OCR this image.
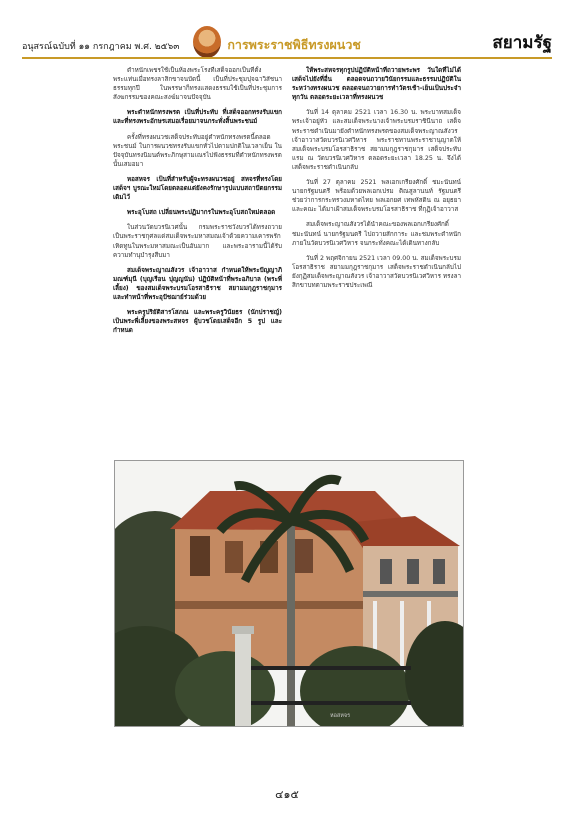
อนุสรณ์ฉบับที่ ๑๑ กรกฎาคม พ.ศ. ๒๕๖๓	การพระราชพิธีทรงผนวช	สยามรัฐ

ตำหนักเพชรใช้เป็นห้องพระโรงที่เสด็จออกเป็นที่ตั้งพระแท่นเมื่อทรงลาสิกขาจนบัดนี้ เป็นที่ประชุมปุจฉาวิสัชนาธรรมทุกปี ในพรรษาก็ทรงแสดงธรรมใช้เป็นที่ประชุมการสังฆกรรมของคณะสงฆ์มาจนปัจจุบัน

พระตำหนักทรงพรต เป็นที่ประทับ ที่เสด็จออกทรงรับแขก และที่ทรงพระอักษรเสมอเรื่อยมาจนกระทั่งสิ้นพระชนม์

ครั้งที่ทรงผนวชเสด็จประทับอยู่ตำหนักทรงพรตนี้ตลอดพระชนม์ ในการผนวชทรงรับแขกทั่วไปตามปกติในเวลาเย็น ในปัจจุบันทรงนิมนต์พระภิกษุสามเณรไปฟังธรรมที่ตำหนักทรงพรตนั้นเสมอมา

หอสหจร เป็นที่สำหรับผู้จะทรงผนวชอยู่ สหจรที่ทรงโดยเสด็จฯ บูรณะใหม่โดยตลอดแต่ยังคงรักษารูปแบบสถาปัตยกรรมเดิมไว้

พระอุโบสถ เปลี่ยนพระปฏิมากรในพระอุโบสถใหม่ตลอด

ในส่วนวัดบวรนิเวศนั้น กรมพระราชวังบวรได้ทรงถวายเป็นพระราชกุศลแด่สมเด็จพระมหาสมณเจ้าด้วยความเคารพรักเทิดทูนในพระมหาสมณะเป็นอันมาก และพระอารามนี้ได้รับความทำนุบำรุงสืบมา

สมเด็จพระญาณสังวร เจ้าอาวาส กำหนดให้พระปัญญาภิมณฑ์มุนี (บุญเรือน ปุญญนัน) ปฏิบัติหน้าที่พระอภิบาล (พระพี่เลี้ยง) ของสมเด็จพระบรมโอรสาธิราช สยามมกุฎราชกุมาร และทำหน้าที่พระอุปัชฌาย์ร่วมด้วย

พระครูปริยัติสารโสภณ และพระครูวินัยธร (นักปราชญ์) เป็นพระพี่เลี้ยงของพระสหจร ผู้บวชโดยเสด็จอีก 5 รูป และกำหนด

ให้พระสหจรทุกรูปปฏิบัติหน้าที่ถวายพระพร วันใดที่ไม่ได้เสด็จไปยังที่อื่น ตลอดจนถวายวินัยกรรมและธรรมปฏิบัติในระหว่างทรงผนวช ตลอดจนถวายการทำวัตรเช้า-เย็นเป็นประจำทุกวัน ตลอดระยะเวลาที่ทรงผนวช

วันที่ 14 ตุลาคม 2521 เวลา 16.30 น. พระบาทสมเด็จพระเจ้าอยู่หัว และสมเด็จพระนางเจ้าพระบรมราชินีนาถ เสด็จพระราชดำเนินมายังตำหนักทรงพรตของสมเด็จพระญาณสังวร เจ้าอาวาสวัดบวรนิเวศวิหาร พระราชทานพระราชานุญาตให้สมเด็จพระบรมโอรสาธิราช สยามมกุฎราชกุมาร เสด็จประทับแรม ณ วัดบวรนิเวศวิหาร ตลอดระยะเวลา 18.25 น. จึงได้เสด็จพระราชดำเนินกลับ

วันที่ 27 ตุลาคม 2521 พลเอกเกรียงศักดิ์ ชมะนันทน์ นายกรัฐมนตรี พร้อมด้วยพลเอกเปรม ติณสูลานนท์ รัฐมนตรีช่วยว่าการกระทรวงมหาดไทย พลเอกยศ เทพหัสดิน ณ อยุธยา และคณะ ได้มาเฝ้าสมเด็จพระบรมโอรสาธิราช ที่กุฏิเจ้าอาวาส

สมเด็จพระญาณสังวรได้นำคณะของพลเอกเกรียงศักดิ์ ชมะนันทน์ นายกรัฐมนตรี ไปถวายสักการะ และชมพระตำหนักภายในวัดบวรนิเวศวิหาร จนกระทั่งคณะได้เดินทางกลับ

วันที่ 2 พฤศจิกายน 2521 เวลา 09.00 น. สมเด็จพระบรมโอรสาธิราช สยามมกุฎราชกุมาร เสด็จพระราชดำเนินกลับไปยังกุฏิสมเด็จพระญาณสังวร เจ้าอาวาสวัดบวรนิเวศวิหาร ทรงลาสิกขาบทตามพระราชประเพณี

หอสหจร
๔๑๕
